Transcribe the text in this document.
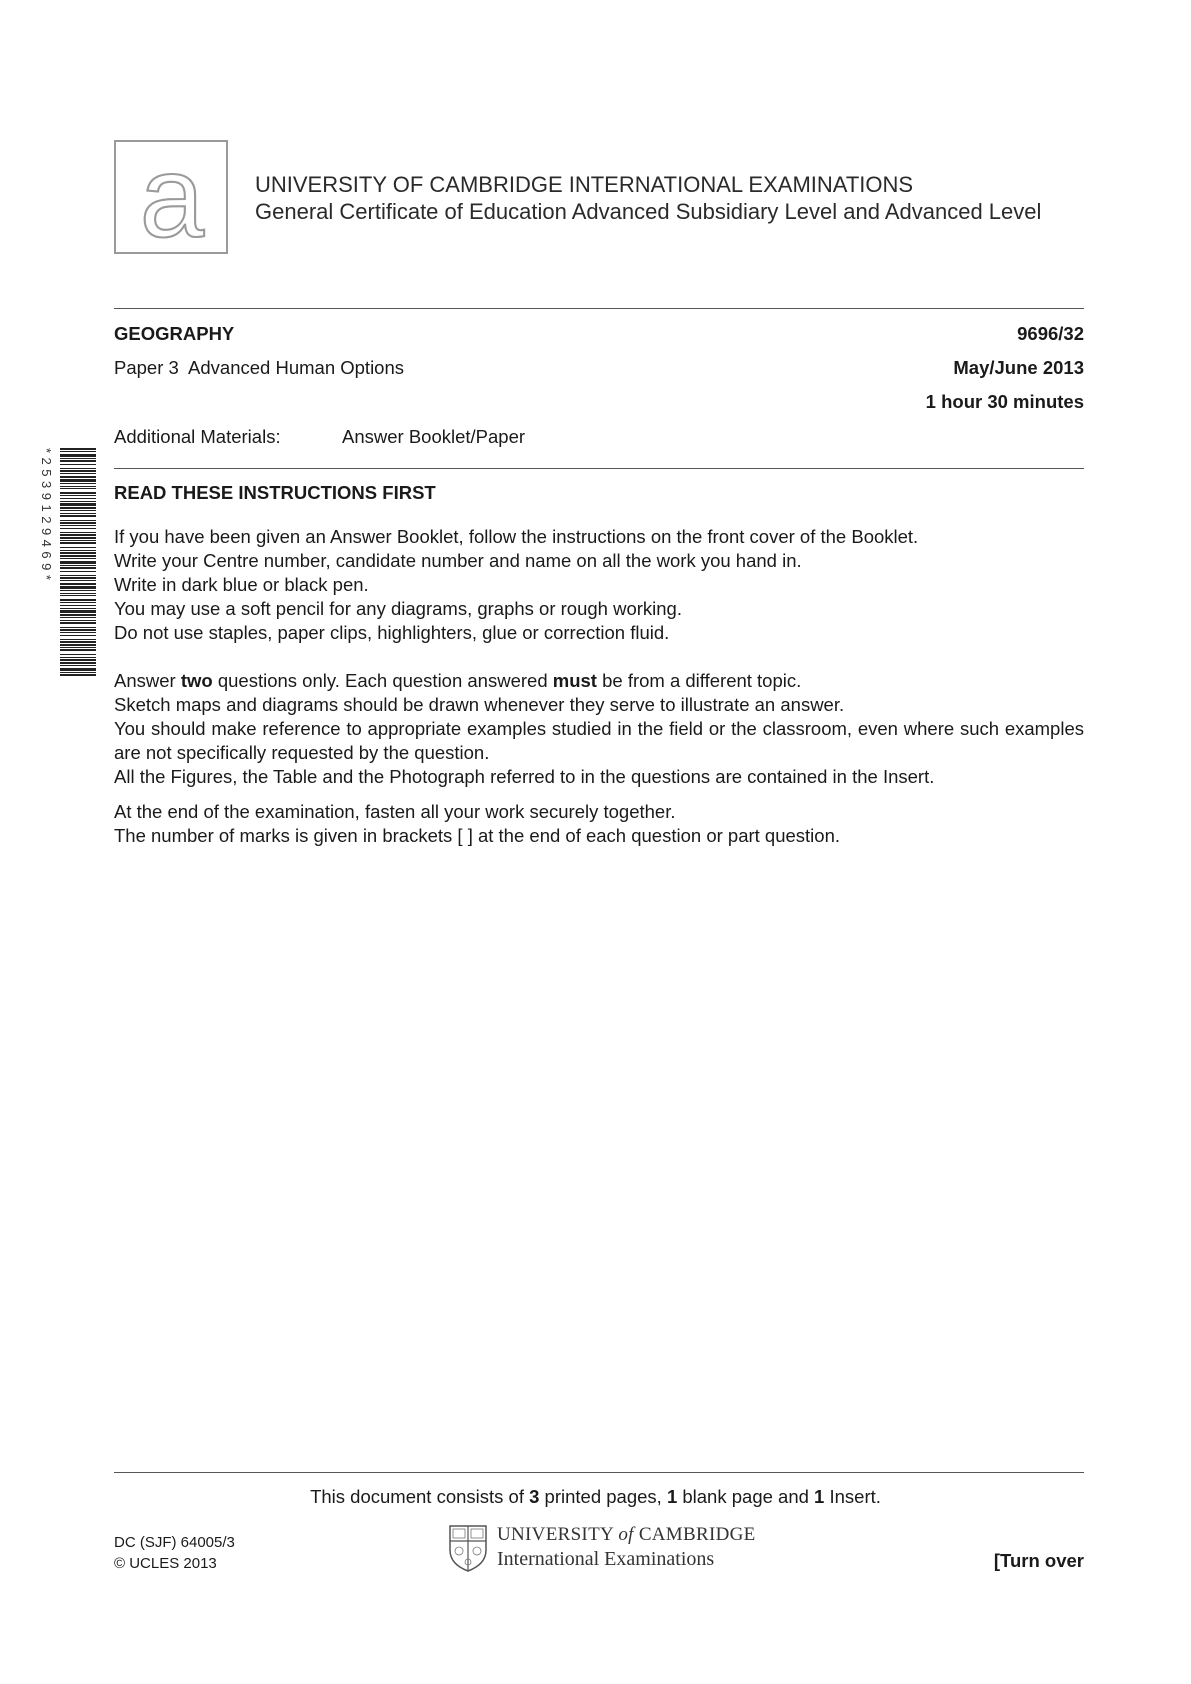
a UNIVERSITY OF CAMBRIDGE INTERNATIONAL EXAMINATIONS
General Certificate of Education Advanced Subsidiary Level and Advanced Level
GEOGRAPHY	9696/32
Paper 3  Advanced Human Options	May/June 2013
1 hour 30 minutes
Additional Materials:	Answer Booklet/Paper
*2539129469*	READ THESE INSTRUCTIONS FIRST

If you have been given an Answer Booklet, follow the instructions on the front cover of the Booklet.

Write your Centre number, candidate number and name on all the work you hand in.

Write in dark blue or black pen.

You may use a soft pencil for any diagrams, graphs or rough working.

Do not use staples, paper clips, highlighters, glue or correction fluid.

Answer two questions only. Each question answered must be from a different topic.

Sketch maps and diagrams should be drawn whenever they serve to illustrate an answer.

You should make reference to appropriate examples studied in the field or the classroom, even where such examples are not specifically requested by the question.

All the Figures, the Table and the Photograph referred to in the questions are contained in the Insert.

At the end of the examination, fasten all your work securely together.

The number of marks is given in brackets [ ] at the end of each question or part question.

This document consists of 3 printed pages, 1 blank page and 1 Insert.
DC (SJF) 64005/3
© UCLES 2013
UNIVERSITY of CAMBRIDGE
International Examinations	[Turn over
